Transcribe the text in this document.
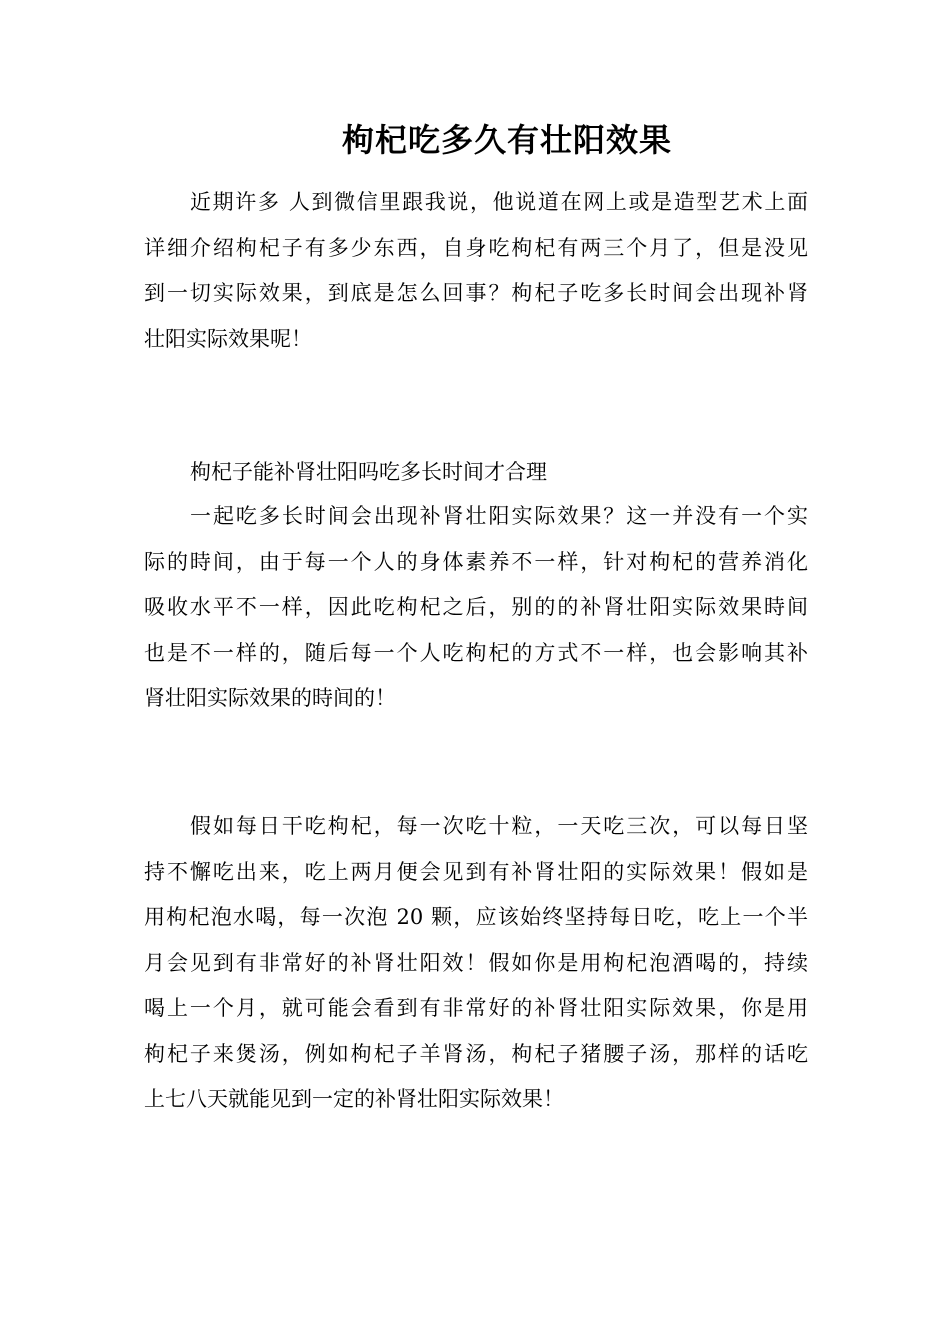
枸杞吃多久有壮阳效果
近期许多 人到微信里跟我说，他说道在网上或是造型艺术上面
详细介绍枸杞子有多少东西，自身吃枸杞有两三个月了，但是没见
到一切实际效果，到底是怎么回事？枸杞子吃多长时间会出现补肾
壮阳实际效果呢！
枸杞子能补肾壮阳吗吃多长时间才合理
一起吃多长时间会出现补肾壮阳实际效果？这一并没有一个实
际的時间，由于每一个人的身体素养不一样，针对枸杞的营养消化
吸收水平不一样，因此吃枸杞之后，别的的补肾壮阳实际效果時间
也是不一样的，随后每一个人吃枸杞的方式不一样，也会影响其补
肾壮阳实际效果的時间的！
假如每日干吃枸杞，每一次吃十粒，一天吃三次，可以每日坚
持不懈吃出来，吃上两月便会见到有补肾壮阳的实际效果！假如是
用枸杞泡水喝，每一次泡 20 颗，应该始终坚持每日吃，吃上一个半
月会见到有非常好的补肾壮阳效！假如你是用枸杞泡酒喝的，持续
喝上一个月，就可能会看到有非常好的补肾壮阳实际效果，你是用
枸杞子来煲汤，例如枸杞子羊肾汤，枸杞子猪腰子汤，那样的话吃
上七八天就能见到一定的补肾壮阳实际效果！
